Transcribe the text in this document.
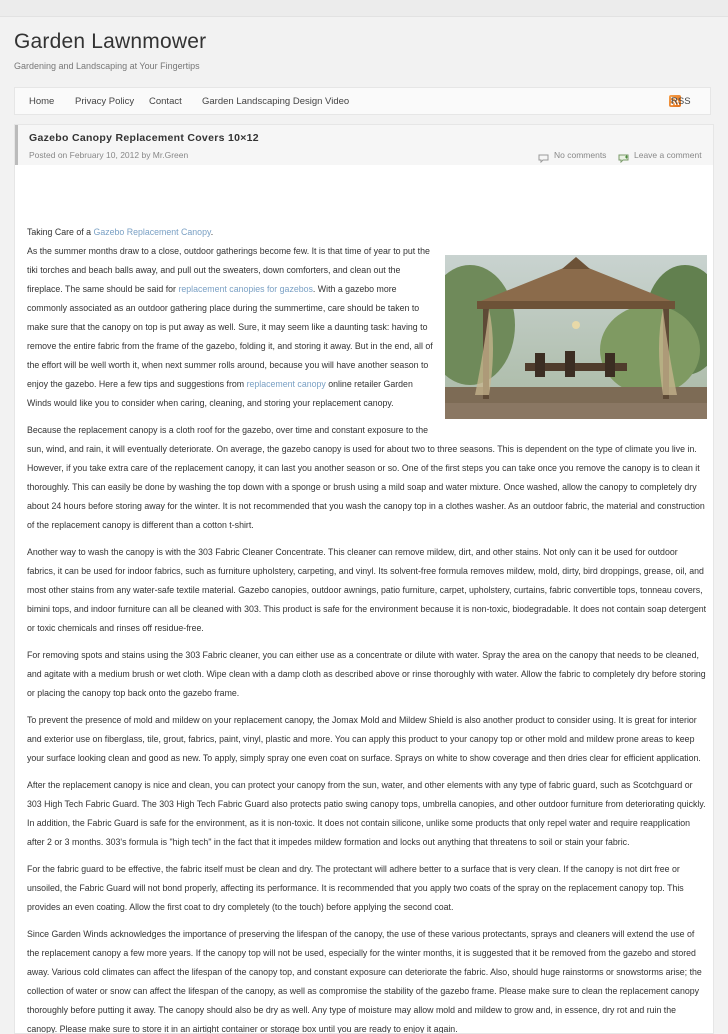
Garden Lawnmower
Gardening and Landscaping at Your Fingertips
Home Privacy Policy Contact Garden Landscaping Design Video	RSS
Gazebo Canopy Replacement Covers 10×12
Posted on February 10, 2012 by Mr.Green	No comments	Leave a comment

Taking Care of a Gazebo Replacement Canopy.
As the summer months draw to a close, outdoor gatherings become few. It is that time of year to put the tiki torches and beach balls away, and pull out the sweaters, down comforters, and clean out the fireplace. The same should be said for replacement canopies for gazebos. With a gazebo more commonly associated as an outdoor gathering place during the summertime, care should be taken to make sure that the canopy on top is put away as well. Sure, it may seem like a daunting task: having to remove the entire fabric from the frame of the gazebo, folding it, and storing it away. But in the end, all of the effort will be well worth it, when next summer rolls around, because you will have another season to enjoy the gazebo. Here a few tips and suggestions from replacement canopy online retailer Garden Winds would like you to consider when caring, cleaning, and storing your replacement canopy.

Because the replacement canopy is a cloth roof for the gazebo, over time and constant exposure to the sun, wind, and rain, it will eventually deteriorate. On average, the gazebo canopy is used for about two to three seasons. This is dependent on the type of climate you live in. However, if you take extra care of the replacement canopy, it can last you another season or so. One of the first steps you can take once you remove the canopy is to clean it thoroughly. This can easily be done by washing the top down with a sponge or brush using a mild soap and water mixture. Once washed, allow the canopy to completely dry about 24 hours before storing away for the winter. It is not recommended that you wash the canopy top in a clothes washer. As an outdoor fabric, the material and construction of the replacement canopy is different than a cotton t-shirt.

Another way to wash the canopy is with the 303 Fabric Cleaner Concentrate. This cleaner can remove mildew, dirt, and other stains. Not only can it be used for outdoor fabrics, it can be used for indoor fabrics, such as furniture upholstery, carpeting, and vinyl. Its solvent-free formula removes mildew, mold, dirty, bird droppings, grease, oil, and most other stains from any water-safe textile material. Gazebo canopies, outdoor awnings, patio furniture, carpet, upholstery, curtains, fabric convertible tops, tonneau covers, bimini tops, and indoor furniture can all be cleaned with 303. This product is safe for the environment because it is non-toxic, biodegradable. It does not contain soap detergent or toxic chemicals and rinses off residue-free.

For removing spots and stains using the 303 Fabric cleaner, you can either use as a concentrate or dilute with water. Spray the area on the canopy that needs to be cleaned, and agitate with a medium brush or wet cloth. Wipe clean with a damp cloth as described above or rinse thoroughly with water. Allow the fabric to completely dry before storing or placing the canopy top back onto the gazebo frame.

To prevent the presence of mold and mildew on your replacement canopy, the Jomax Mold and Mildew Shield is also another product to consider using. It is great for interior and exterior use on fiberglass, tile, grout, fabrics, paint, vinyl, plastic and more. You can apply this product to your canopy top or other mold and mildew prone areas to keep your surface looking clean and good as new. To apply, simply spray one even coat on surface. Sprays on white to show coverage and then dries clear for efficient application.

After the replacement canopy is nice and clean, you can protect your canopy from the sun, water, and other elements with any type of fabric guard, such as Scotchguard or 303 High Tech Fabric Guard. The 303 High Tech Fabric Guard also protects patio swing canopy tops, umbrella canopies, and other outdoor furniture from deteriorating quickly. In addition, the Fabric Guard is safe for the environment, as it is non-toxic. It does not contain silicone, unlike some products that only repel water and require reapplication after 2 or 3 months. 303's formula is "high tech" in the fact that it impedes mildew formation and locks out anything that threatens to soil or stain your fabric.

For the fabric guard to be effective, the fabric itself must be clean and dry. The protectant will adhere better to a surface that is very clean. If the canopy is not dirt free or unsoiled, the Fabric Guard will not bond properly, affecting its performance. It is recommended that you apply two coats of the spray on the replacement canopy top. This provides an even coating. Allow the first coat to dry completely (to the touch) before applying the second coat.

Since Garden Winds acknowledges the importance of preserving the lifespan of the canopy, the use of these various protectants, sprays and cleaners will extend the use of the replacement canopy a few more years. If the canopy top will not be used, especially for the winter months, it is suggested that it be removed from the gazebo and stored away. Various cold climates can affect the lifespan of the canopy top, and constant exposure can deteriorate the fabric. Also, should huge rainstorms or snowstorms arise; the collection of water or snow can affect the lifespan of the canopy, as well as compromise the stability of the gazebo frame. Please make sure to clean the replacement canopy thoroughly before putting it away. The canopy should also be dry as well. Any type of moisture may allow mold and mildew to grow and, in essence, dry rot and ruin the canopy. Please make sure to store it in an airtight container or storage box until you are ready to enjoy it again.
